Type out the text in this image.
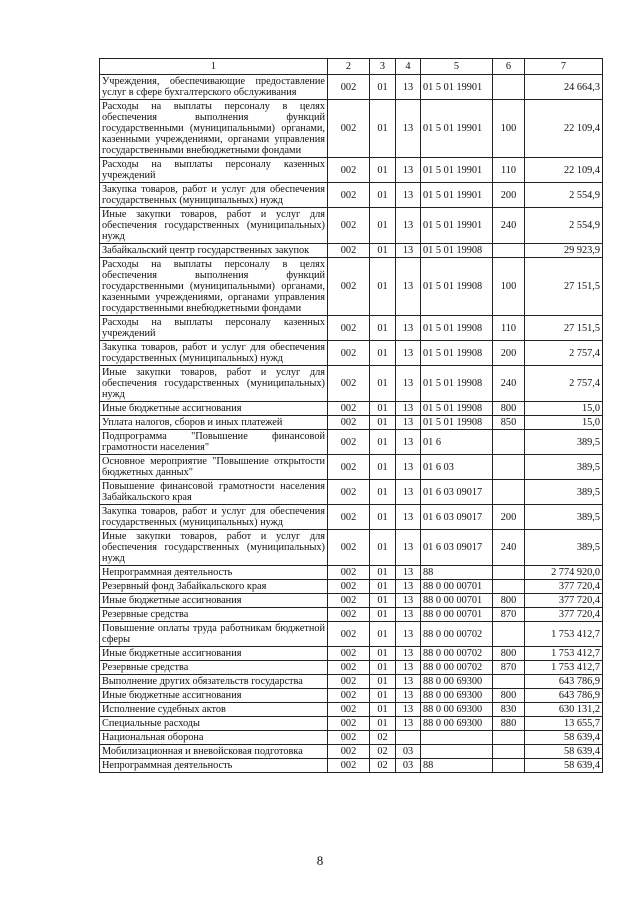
1	2	3	4	5	6	7
Учреждения, обеспечивающие предоставление услуг в сфере бухгалтерского обслуживания	002	01	13	01 5 01 19901		24 664,3
Расходы на выплаты персоналу в целях обеспечения выполнения функций государственными (муниципальными) органами, казенными учреждениями, органами управления государственными внебюджетными фондами	002	01	13	01 5 01 19901	100	22 109,4
Расходы на выплаты персоналу казенных учреждений	002	01	13	01 5 01 19901	110	22 109,4
Закупка товаров, работ и услуг для обеспечения государственных (муниципальных) нужд	002	01	13	01 5 01 19901	200	2 554,9
Иные закупки товаров, работ и услуг для обеспечения государственных (муниципальных) нужд	002	01	13	01 5 01 19901	240	2 554,9
Забайкальский центр государственных закупок	002	01	13	01 5 01 19908		29 923,9
Расходы на выплаты персоналу в целях обеспечения выполнения функций государственными (муниципальными) органами, казенными учреждениями, органами управления государственными внебюджетными фондами	002	01	13	01 5 01 19908	100	27 151,5
Расходы на выплаты персоналу казенных учреждений	002	01	13	01 5 01 19908	110	27 151,5
Закупка товаров, работ и услуг для обеспечения государственных (муниципальных) нужд	002	01	13	01 5 01 19908	200	2 757,4
Иные закупки товаров, работ и услуг для обеспечения государственных (муниципальных) нужд	002	01	13	01 5 01 19908	240	2 757,4
Иные бюджетные ассигнования	002	01	13	01 5 01 19908	800	15,0
Уплата налогов, сборов и иных платежей	002	01	13	01 5 01 19908	850	15,0
Подпрограмма "Повышение финансовой грамотности населения"	002	01	13	01 6		389,5
Основное мероприятие "Повышение открытости бюджетных данных"	002	01	13	01 6 03		389,5
Повышение финансовой грамотности населения Забайкальского края	002	01	13	01 6 03 09017		389,5
Закупка товаров, работ и услуг для обеспечения государственных (муниципальных) нужд	002	01	13	01 6 03 09017	200	389,5
Иные закупки товаров, работ и услуг для обеспечения государственных (муниципальных) нужд	002	01	13	01 6 03 09017	240	389,5
Непрограммная деятельность	002	01	13	88		2 774 920,0
Резервный фонд Забайкальского края	002	01	13	88 0 00 00701		377 720,4
Иные бюджетные ассигнования	002	01	13	88 0 00 00701	800	377 720,4
Резервные средства	002	01	13	88 0 00 00701	870	377 720,4
Повышение оплаты труда работникам бюджетной сферы	002	01	13	88 0 00 00702		1 753 412,7
Иные бюджетные ассигнования	002	01	13	88 0 00 00702	800	1 753 412,7
Резервные средства	002	01	13	88 0 00 00702	870	1 753 412,7
Выполнение других обязательств государства	002	01	13	88 0 00 69300		643 786,9
Иные бюджетные ассигнования	002	01	13	88 0 00 69300	800	643 786,9
Исполнение судебных актов	002	01	13	88 0 00 69300	830	630 131,2
Специальные расходы	002	01	13	88 0 00 69300	880	13 655,7
Национальная оборона	002	02				58 639,4
Мобилизационная и вневойсковая подготовка	002	02	03			58 639,4
Непрограммная деятельность	002	02	03	88		58 639,4
8
